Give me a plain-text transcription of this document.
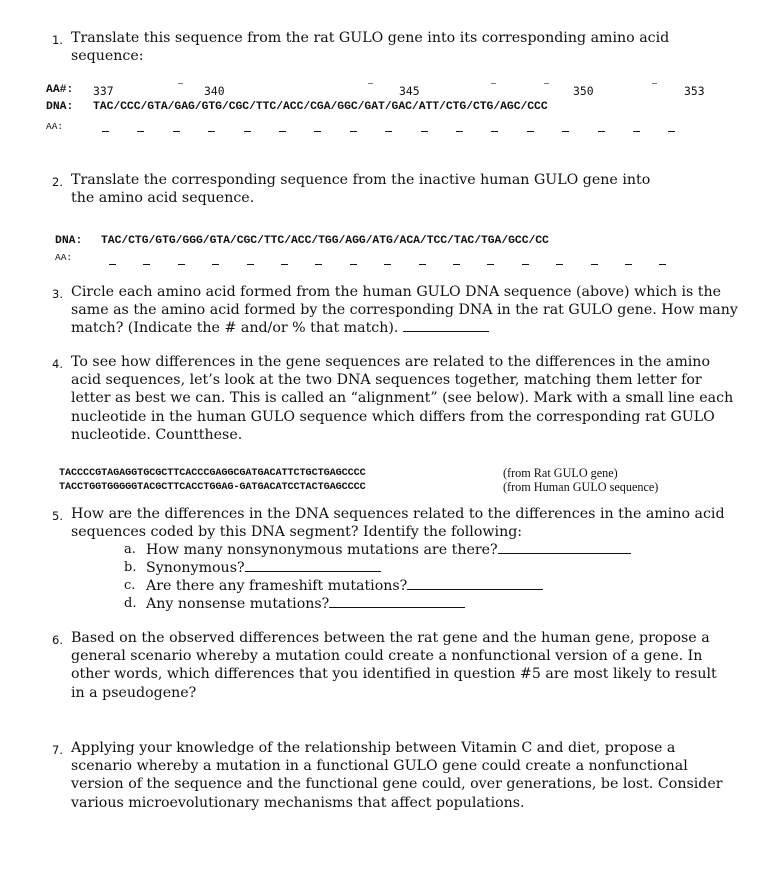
1. Translate this sequence from the rat GULO gene into its corresponding amino acid
sequence:
AA#: 337	340	345	350	353
DNA: TAC/CCC/GTA/GAG/GTG/CGC/TTC/ACC/CGA/GGC/GAT/GAC/ATT/CTG/CTG/AGC/CCC
AA:
2. Translate the corresponding sequence from the inactive human GULO gene into
the amino acid sequence.
DNA: TAC/CTG/GTG/GGG/GTA/CGC/TTC/ACC/TGG/AGG/ATG/ACA/TCC/TAC/TGA/GCC/CC
AA:
3. Circle each amino acid formed from the human GULO DNA sequence (above) which is the
same as the amino acid formed by the corresponding DNA in the rat GULO gene. How many
match? (Indicate the # and/or % that match).
4. To see how differences in the gene sequences are related to the differences in the amino
acid sequences, let’s look at the two DNA sequences together, matching them letter for
letter as best we can. This is called an “alignment” (see below). Mark with a small line each
nucleotide in the human GULO sequence which differs from the corresponding rat GULO
nucleotide. Countthese.
TACCCCGTAGAGGTGCGCTTCACCCGAGGCGATGACATTCTGCTGAGCCCC	(from Rat GULO gene)
TACCTGGTGGGGGTACGCTTCACCTGGAG-GATGACATCCTACTGAGCCCC	(from Human GULO sequence)
5. How are the differences in the DNA sequences related to the differences in the amino acid
sequences coded by this DNA segment? Identify the following:
a. How many nonsynonymous mutations are there?
b. Synonymous?
c. Are there any frameshift mutations?
d. Any nonsense mutations?
6. Based on the observed differences between the rat gene and the human gene, propose a
general scenario whereby a mutation could create a nonfunctional version of a gene. In
other words, which differences that you identified in question #5 are most likely to result
in a pseudogene?
7. Applying your knowledge of the relationship between Vitamin C and diet, propose a
scenario whereby a mutation in a functional GULO gene could create a nonfunctional
version of the sequence and the functional gene could, over generations, be lost. Consider
various microevolutionary mechanisms that affect populations.
